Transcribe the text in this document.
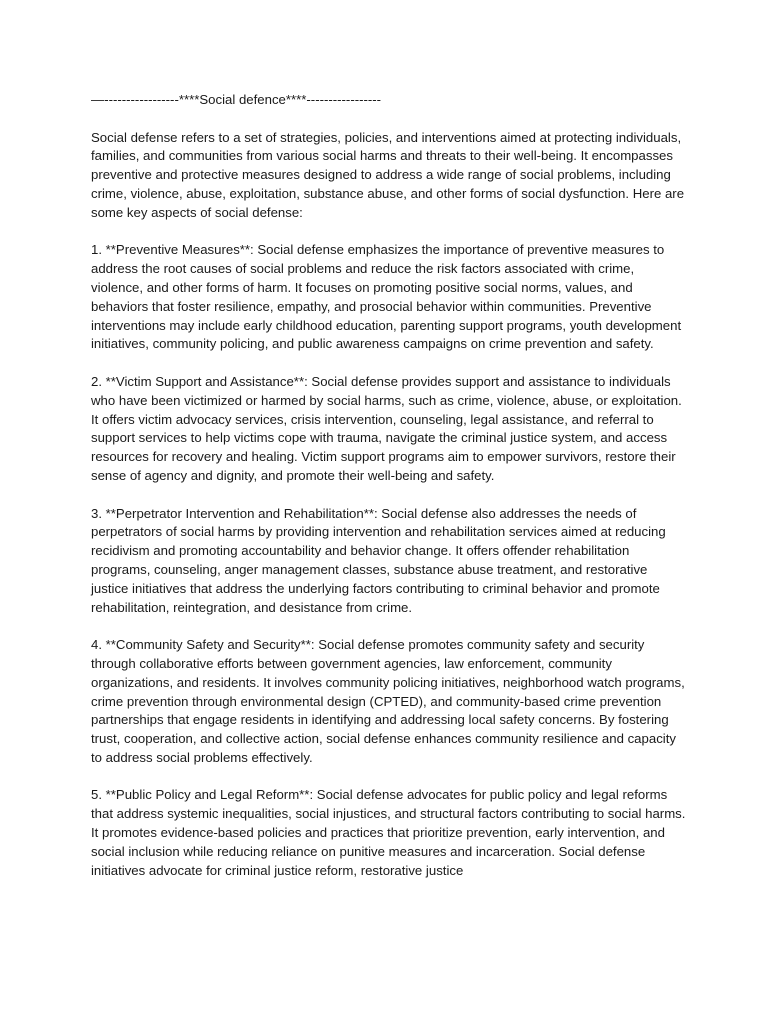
—-----------------****Social defence****-----------------

Social defense refers to a set of strategies, policies, and interventions aimed at protecting individuals, families, and communities from various social harms and threats to their well-being. It encompasses preventive and protective measures designed to address a wide range of social problems, including crime, violence, abuse, exploitation, substance abuse, and other forms of social dysfunction. Here are some key aspects of social defense:

1. **Preventive Measures**: Social defense emphasizes the importance of preventive measures to address the root causes of social problems and reduce the risk factors associated with crime, violence, and other forms of harm. It focuses on promoting positive social norms, values, and behaviors that foster resilience, empathy, and prosocial behavior within communities. Preventive interventions may include early childhood education, parenting support programs, youth development initiatives, community policing, and public awareness campaigns on crime prevention and safety.

2. **Victim Support and Assistance**: Social defense provides support and assistance to individuals who have been victimized or harmed by social harms, such as crime, violence, abuse, or exploitation. It offers victim advocacy services, crisis intervention, counseling, legal assistance, and referral to support services to help victims cope with trauma, navigate the criminal justice system, and access resources for recovery and healing. Victim support programs aim to empower survivors, restore their sense of agency and dignity, and promote their well-being and safety.

3. **Perpetrator Intervention and Rehabilitation**: Social defense also addresses the needs of perpetrators of social harms by providing intervention and rehabilitation services aimed at reducing recidivism and promoting accountability and behavior change. It offers offender rehabilitation programs, counseling, anger management classes, substance abuse treatment, and restorative justice initiatives that address the underlying factors contributing to criminal behavior and promote rehabilitation, reintegration, and desistance from crime.

4. **Community Safety and Security**: Social defense promotes community safety and security through collaborative efforts between government agencies, law enforcement, community organizations, and residents. It involves community policing initiatives, neighborhood watch programs, crime prevention through environmental design (CPTED), and community-based crime prevention partnerships that engage residents in identifying and addressing local safety concerns. By fostering trust, cooperation, and collective action, social defense enhances community resilience and capacity to address social problems effectively.

5. **Public Policy and Legal Reform**: Social defense advocates for public policy and legal reforms that address systemic inequalities, social injustices, and structural factors contributing to social harms. It promotes evidence-based policies and practices that prioritize prevention, early intervention, and social inclusion while reducing reliance on punitive measures and incarceration. Social defense initiatives advocate for criminal justice reform, restorative justice
